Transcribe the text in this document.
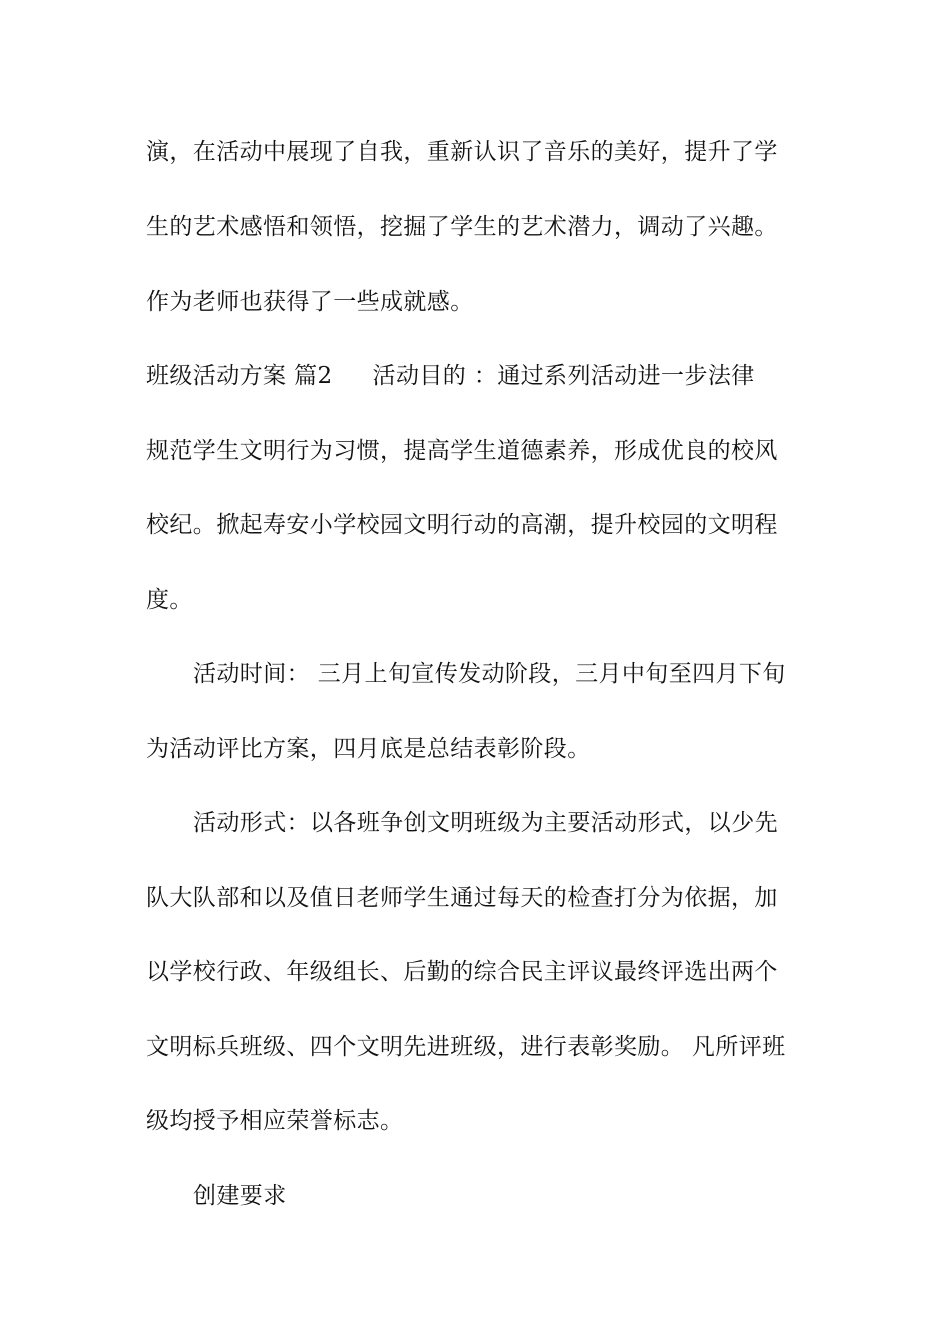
演，在活动中展现了自我，重新认识了音乐的美好，提升了学
生的艺术感悟和领悟，挖掘了学生的艺术潜力，调动了兴趣。
作为老师也获得了一些成就感。
班级活动方案 篇2 活动目的 ：通过系列活动进一步法律
规范学生文明行为习惯，提高学生道德素养，形成优良的校风
校纪。掀起寿安小学校园文明行动的高潮，提升校园的文明程
度。
活动时间： 三月上旬宣传发动阶段，三月中旬至四月下旬
为活动评比方案，四月底是总结表彰阶段。
活动形式：以各班争创文明班级为主要活动形式，以少先
队大队部和以及值日老师学生通过每天的检查打分为依据，加
以学校行政、年级组长、后勤的综合民主评议最终评选出两个
文明标兵班级、四个文明先进班级，进行表彰奖励。 凡所评班
级均授予相应荣誉标志。
创建要求
